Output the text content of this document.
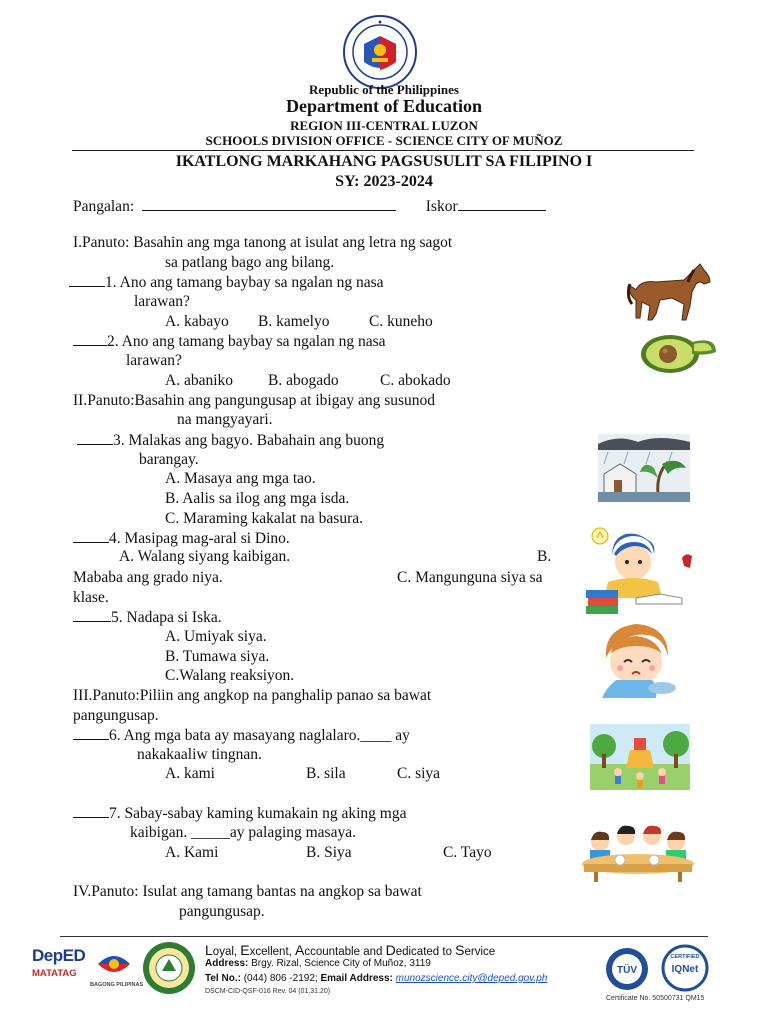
Republic of the Philippines
Department of Education
REGION III-CENTRAL LUZON
SCHOOLS DIVISION OFFICE - SCIENCE CITY OF MUÑOZ
IKATLONG MARKAHANG PAGSUSULIT SA FILIPINO I
SY: 2023-2024
Pangalan:	Iskor
I.Panuto: Basahin ang mga tanong at isulat ang letra ng sagot
sa patlang bago ang bilang.
1. Ano ang tamang baybay sa ngalan ng nasa
larawan?
A. kabayo B. kamelyo	C. kuneho
2. Ano ang tamang baybay sa ngalan ng nasa
larawan?
A. abaniko B. abogado	C. abokado
II.Panuto:Basahin ang pangungusap at ibigay ang susunod
na mangyayari.
3. Malakas ang bagyo. Babahain ang buong
barangay.
A. Masaya ang mga tao.
B. Aalis sa ilog ang mga isda.
C. Maraming kakalat na basura.
4. Masipag mag-aral si Dino.
A. Walang siyang kaibigan.	B.
Mababa ang grado niya.	C. Mangunguna siya sa
klase.
5. Nadapa si Iska.
A. Umiyak siya.
B. Tumawa siya.
C.Walang reaksiyon.
III.Panuto:Piliin ang angkop na panghalip panao sa bawat
pangungusap.
6. Ang mga bata ay masayang naglalaro.____ ay
nakakaaliw tingnan.
A. kami	B. sila	C. siya
7. Sabay-sabay kaming kumakain ng aking mga
kaibigan. _____ay palaging masaya.
A. Kami	B. Siya	C. Tayo
IV.Panuto: Isulat ang tamang bantas na angkop sa bawat
pangungusap.
DepED
MATATAG
BAGONG PILIPINAS
Loyal, Excellent, Accountable and Dedicated to Service
Address: Brgy. Rizal, Science City of Muñoz, 3119
Tel No.: (044) 806 -2192; Email Address: munozscience.city@deped.gov.ph
DSCM-CID-QSF-016 Rev. 04 (01.31.20)
TÜV
CERTIFIED
IQNet
Certificate No. 50500731 QM15
